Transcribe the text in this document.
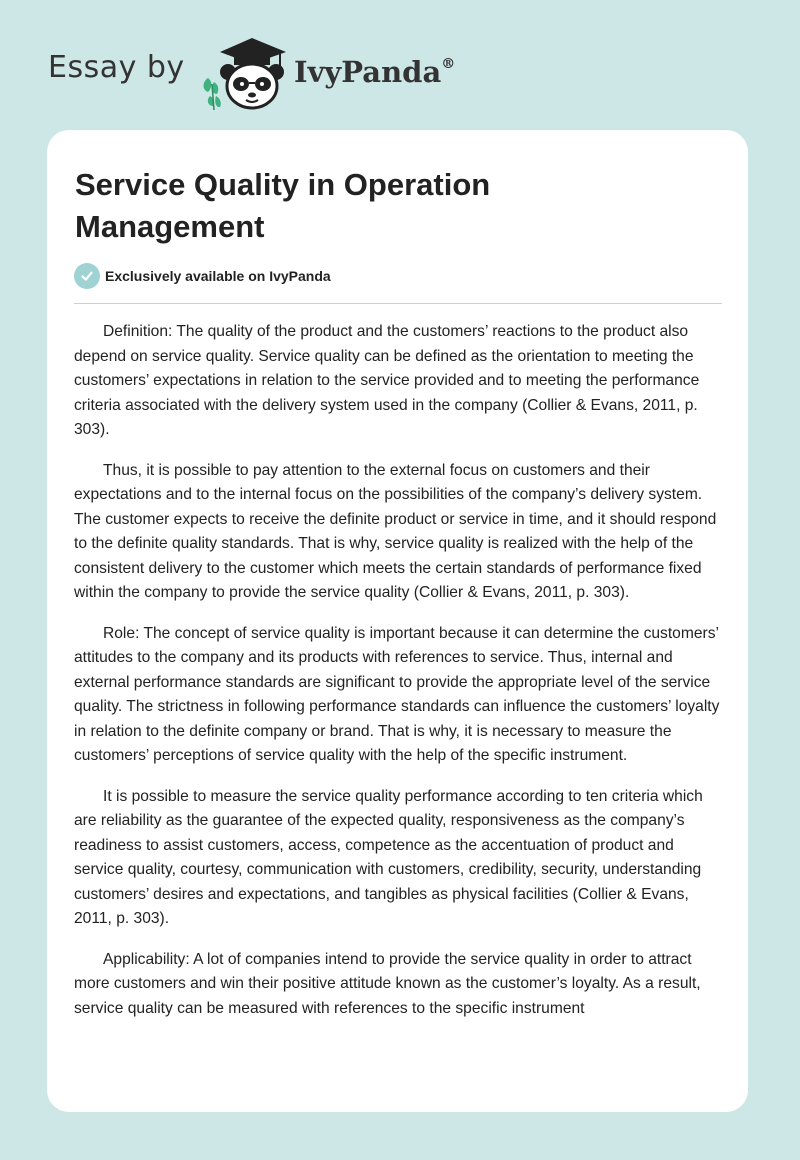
Essay by	IvyPanda®
Service Quality in Operation Management
Exclusively available on IvyPanda

Definition: The quality of the product and the customers’ reactions to the product also depend on service quality. Service quality can be defined as the orientation to meeting the customers’ expectations in relation to the service provided and to meeting the performance criteria associated with the delivery system used in the company (Collier & Evans, 2011, p. 303).

Thus, it is possible to pay attention to the external focus on customers and their expectations and to the internal focus on the possibilities of the company’s delivery system. The customer expects to receive the definite product or service in time, and it should respond to the definite quality standards. That is why, service quality is realized with the help of the consistent delivery to the customer which meets the certain standards of performance fixed within the company to provide the service quality (Collier & Evans, 2011, p. 303).

Role: The concept of service quality is important because it can determine the customers’ attitudes to the company and its products with references to service. Thus, internal and external performance standards are significant to provide the appropriate level of the service quality. The strictness in following performance standards can influence the customers’ loyalty in relation to the definite company or brand. That is why, it is necessary to measure the customers’ perceptions of service quality with the help of the specific instrument.

It is possible to measure the service quality performance according to ten criteria which are reliability as the guarantee of the expected quality, responsiveness as the company’s readiness to assist customers, access, competence as the accentuation of product and service quality, courtesy, communication with customers, credibility, security, understanding customers’ desires and expectations, and tangibles as physical facilities (Collier & Evans, 2011, p. 303).

Applicability: A lot of companies intend to provide the service quality in order to attract more customers and win their positive attitude known as the customer’s loyalty. As a result, service quality can be measured with references to the specific instrument
